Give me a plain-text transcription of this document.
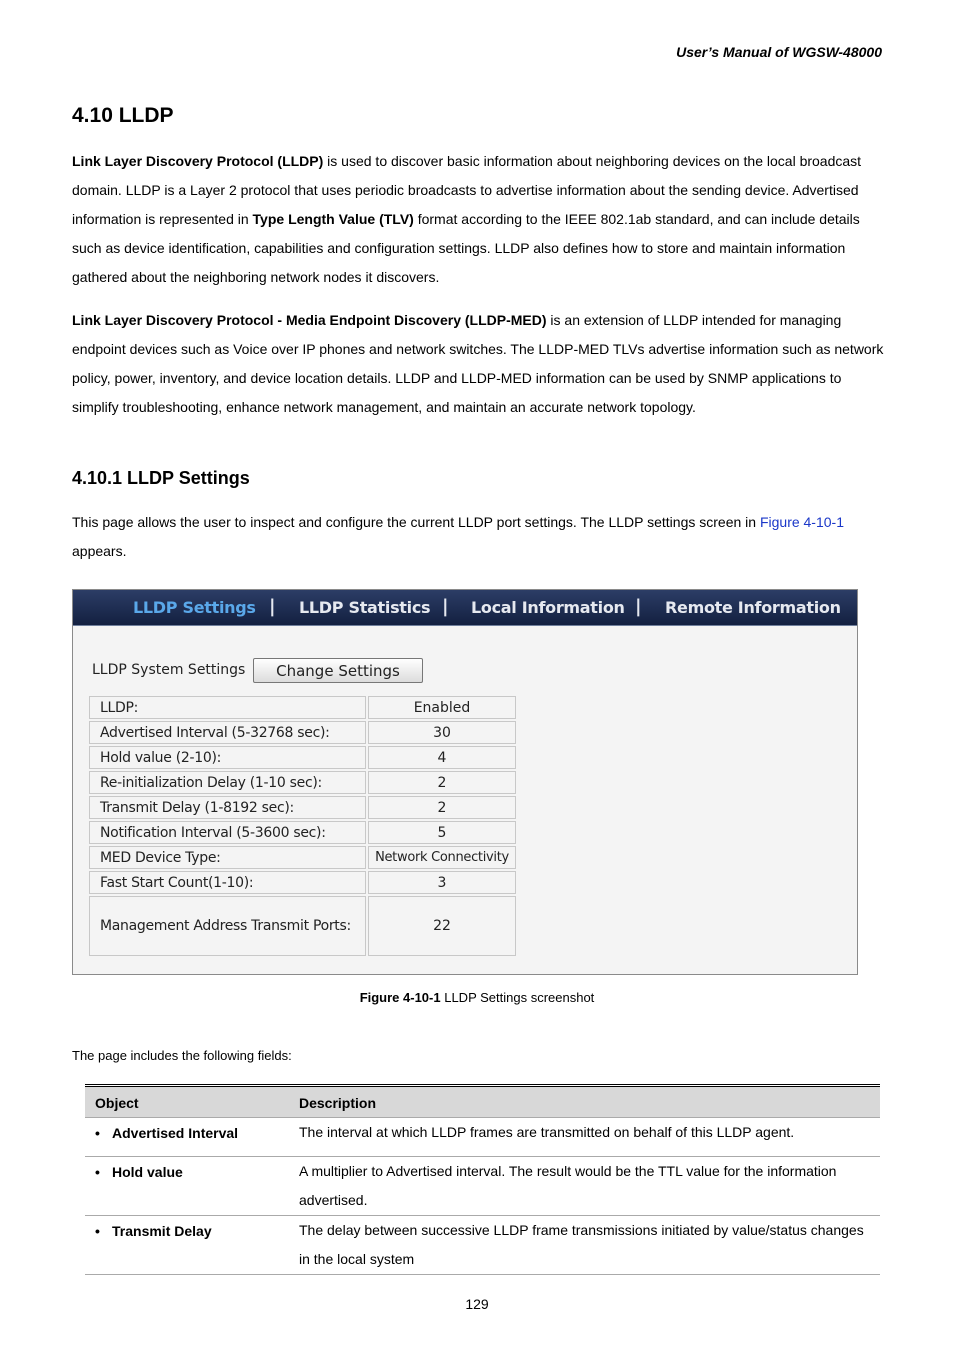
User’s Manual of WGSW-48000
4.10 LLDP
Link Layer Discovery Protocol (LLDP) is used to discover basic information about neighboring devices on the local broadcast domain. LLDP is a Layer 2 protocol that uses periodic broadcasts to advertise information about the sending device. Advertised information is represented in Type Length Value (TLV) format according to the IEEE 802.1ab standard, and can include details such as device identification, capabilities and configuration settings. LLDP also defines how to store and maintain information gathered about the neighboring network nodes it discovers.
Link Layer Discovery Protocol - Media Endpoint Discovery (LLDP-MED) is an extension of LLDP intended for managing endpoint devices such as Voice over IP phones and network switches. The LLDP-MED TLVs advertise information such as network policy, power, inventory, and device location details. LLDP and LLDP-MED information can be used by SNMP applications to simplify troubleshooting, enhance network management, and maintain an accurate network topology.
4.10.1 LLDP Settings
This page allows the user to inspect and configure the current LLDP port settings. The LLDP settings screen in Figure 4-10-1 appears.
LLDP Settings | LLDP Statistics | Local Information | Remote Information
LLDP System Settings	Change Settings
LLDP:	Enabled
Advertised Interval (5-32768 sec):	30
Hold value (2-10):	4
Re-initialization Delay (1-10 sec):	2
Transmit Delay (1-8192 sec):	2
Notification Interval (5-3600 sec):	5
MED Device Type:	Network Connectivity
Fast Start Count(1-10):	3
Management Address Transmit Ports:	22
Figure 4-10-1 LLDP Settings screenshot
The page includes the following fields:
Object	Description
• Advertised Interval	The interval at which LLDP frames are transmitted on behalf of this LLDP agent.
• Hold value	A multiplier to Advertised interval. The result would be the TTL value for the information advertised.
• Transmit Delay	The delay between successive LLDP frame transmissions initiated by value/status changes in the local system
129
